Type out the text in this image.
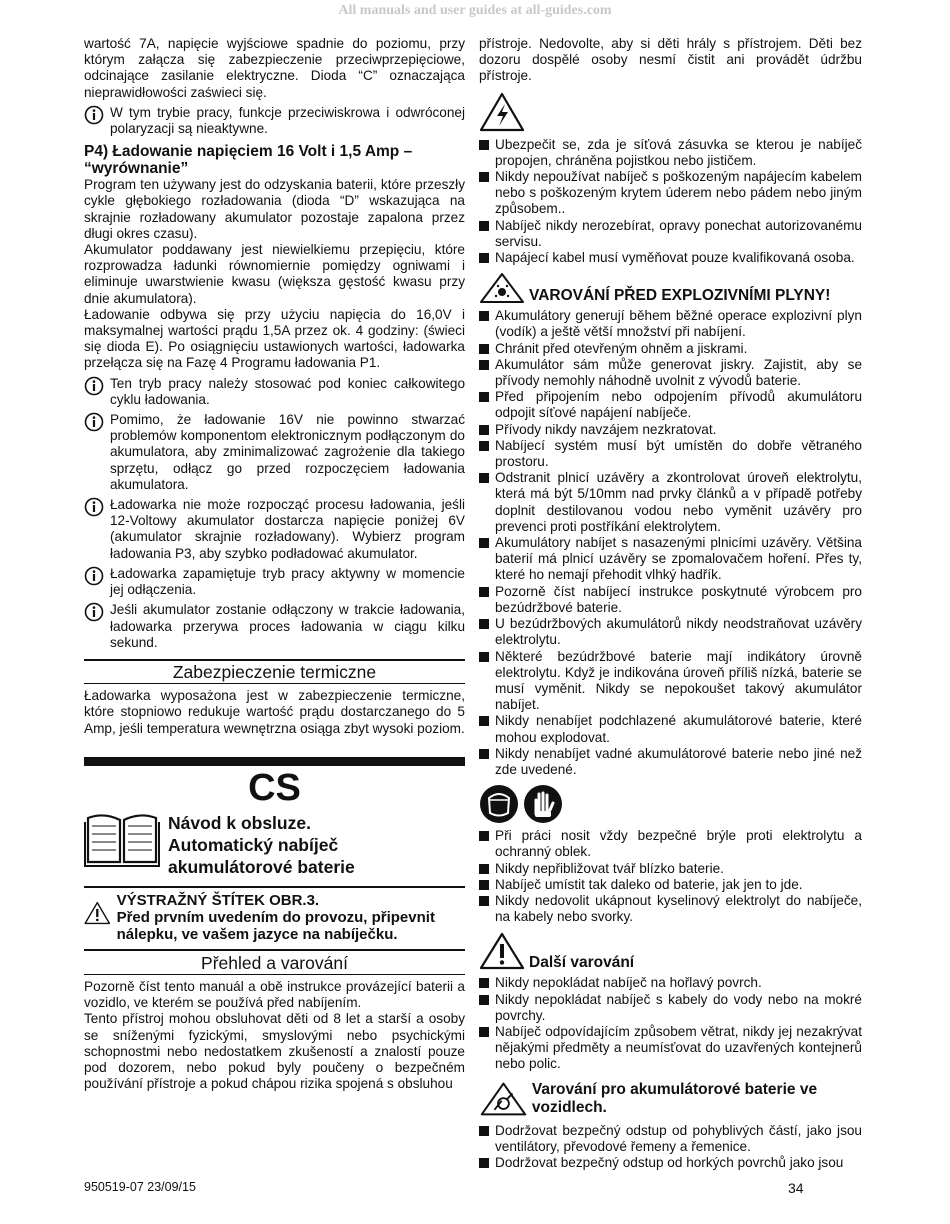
All manuals and user guides at all-guides.com

wartość 7A, napięcie wyjściowe spadnie do poziomu, przy którym załącza się zabezpieczenie przeciwprzepięciowe, odcinające zasilanie elektryczne. Dioda “C” oznaczająca nieprawidłowości zaświeci się.

W tym trybie pracy, funkcje przeciwiskrowa i odwróconej polaryzacji są nieaktywne.

P4) Ładowanie napięciem 16 Volt i 1,5 Amp – “wyrównanie”

Program ten używany jest do odzyskania baterii, które przeszły cykle głębokiego rozładowania (dioda “D” wskazująca na skrajnie rozładowany akumulator pozostaje zapalona przez długi okres czasu).

Akumulator poddawany jest niewielkiemu przepięciu, które rozprowadza ładunki równomiernie pomiędzy ogniwami i eliminuje uwarstwienie kwasu (większa gęstość kwasu przy dnie akumulatora).

Ładowanie odbywa się przy użyciu napięcia do 16,0V i maksymalnej wartości prądu 1,5A przez ok. 4 godziny: (świeci się dioda E). Po osiągnięciu ustawionych wartości, ładowarka przełącza się na Fazę 4 Programu ładowania P1.

Ten tryb pracy należy stosować pod koniec całkowitego cyklu ładowania.

Pomimo, że ładowanie 16V nie powinno stwarzać problemów komponentom elektronicznym podłączonym do akumulatora, aby zminimalizować zagrożenie dla takiego sprzętu, odłącz go przed rozpoczęciem ładowania akumulatora.

Ładowarka nie może rozpocząć procesu ładowania, jeśli 12-Voltowy akumulator dostarcza napięcie poniżej 6V (akumulator skrajnie rozładowany). Wybierz program ładowania P3, aby szybko podładować akumulator.

Ładowarka zapamiętuje tryb pracy aktywny w momencie jej odłączenia.

Jeśli akumulator zostanie odłączony w trakcie ładowania, ładowarka przerywa proces ładowania w ciągu kilku sekund.

Zabezpieczenie termiczne

Ładowarka wyposażona jest w zabezpieczenie termiczne, które stopniowo redukuje wartość prądu dostarczanego do 5 Amp, jeśli temperatura wewnętrzna osiąga zbyt wysoki poziom.

CS
Návod k obsluze.
Automatický nabíječ
akumulátorové baterie
VÝSTRAŽNÝ ŠTÍTEK OBR.3.
Před prvním uvedením do provozu, připevnit nálepku, ve vašem jazyce na nabíječku.
Přehled a varování

Pozorně číst tento manuál a obě instrukce provázející baterii a vozidlo, ve kterém se používá před nabíjením.

Tento přístroj mohou obsluhovat děti od 8 let a starší a osoby se sníženými fyzickými, smyslovými nebo psychickými schopnostmi nebo nedostatkem zkušeností a znalostí pouze pod dozorem, nebo pokud byly poučeny o bezpečném používání přístroje a pokud chápou rizika spojená s obsluhou

přístroje. Nedovolte, aby si děti hrály s přístrojem. Děti bez dozoru dospělé osoby nesmí čistit ani provádět údržbu přístroje.

Ubezpečit se, zda je síťová zásuvka se kterou je nabíječ propojen, chráněna pojistkou nebo jističem.
Nikdy nepoužívat nabíječ s poškozeným napájecím kabelem nebo s poškozeným krytem úderem nebo pádem nebo jiným způsobem..
Nabíječ nikdy nerozebírat, opravy ponechat autorizovanému servisu.
Napájecí kabel musí vyměňovat pouze kvalifikovaná osoba.
VAROVÁNÍ PŘED EXPLOZIVNÍMI PLYNY!
Akumulátory generují během běžné operace explozivní plyn (vodík) a ještě větší množství při nabíjení.
Chránit před otevřeným ohněm a jiskrami.
Akumulátor sám může generovat jiskry. Zajistit, aby se přívody nemohly náhodně uvolnit z vývodů baterie.
Před připojením nebo odpojením přívodů akumulátoru odpojit síťové napájení nabíječe.
Přívody nikdy navzájem nezkratovat.
Nabíjecí systém musí být umístěn do dobře větraného prostoru.
Odstranit plnicí uzávěry a zkontrolovat úroveň elektrolytu, která má být 5/10mm nad prvky článků a v případě potřeby doplnit destilovanou vodou nebo vyměnit uzávěry pro prevenci proti postříkání elektrolytem.
Akumulátory nabíjet s nasazenými plnicími uzávěry. Většina baterií má plnicí uzávěry se zpomalovačem hoření. Přes ty, které ho nemají přehodit vlhký hadřík.
Pozorně číst nabíjecí instrukce poskytnuté výrobcem pro bezúdržbové baterie.
U bezúdržbových akumulátorů nikdy neodstraňovat uzávěry elektrolytu.
Některé bezúdržbové baterie mají indikátory úrovně elektrolytu. Když je indikována úroveň příliš nízká, baterie se musí vyměnit. Nikdy se nepokoušet takový akumulátor nabíjet.
Nikdy nenabíjet podchlazené akumulátorové baterie, které mohou explodovat.
Nikdy nenabíjet vadné akumulátorové baterie nebo jiné než zde uvedené.
Při práci nosit vždy bezpečné brýle proti elektrolytu a ochranný oblek.
Nikdy nepřibližovat tvář blízko baterie.
Nabíječ umístit tak daleko od baterie, jak jen to jde.
Nikdy nedovolit ukápnout kyselinový elektrolyt do nabíječe, na kabely nebo svorky.
Další varování
Nikdy nepokládat nabíječ na hořlavý povrch.
Nikdy nepokládat nabíječ s kabely do vody nebo na mokré povrchy.
Nabíječ odpovídajícím způsobem větrat, nikdy jej nezakrývat nějakými předměty a neumísťovat do uzavřených kontejnerů nebo polic.
Varování pro akumulátorové baterie ve vozidlech.
Dodržovat bezpečný odstup od pohyblivých částí, jako jsou ventilátory, převodové řemeny a řemenice.
Dodržovat bezpečný odstup od horkých povrchů jako jsou
950519-07 23/09/15	34
